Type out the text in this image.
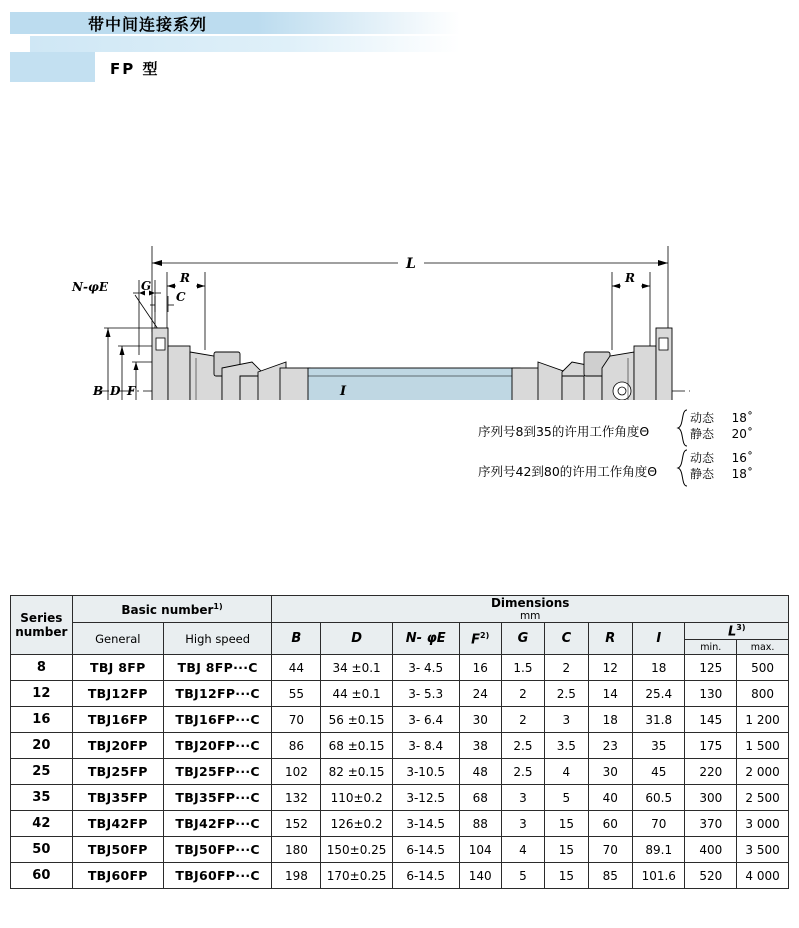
带中间连接系列
FP 型
L
R	R
G
C
N-φE
B D F	I
序列号8到35的许用工作角度Θ
动态 18˚
静态 20˚
序列号42到80的许用工作角度Θ
动态 16˚
静态 18˚
Series
number
	Basic number$^{1)}$	Dimensions
mm

	General	High speed	B	D	N- φE	$F^{2)}$	G	C	R	I	$L^{3)}$
											min.	max.
8	TBJ 8FP	TBJ 8FP···C	44	34 ±0.1	3- 4.5	16	1.5	2	12	18	125	500
12	TBJ12FP	TBJ12FP···C	55	44 ±0.1	3- 5.3	24	2	2.5	14	25.4	130	800
16	TBJ16FP	TBJ16FP···C	70	56 ±0.15	3- 6.4	30	2	3	18	31.8	145	1 200
20	TBJ20FP	TBJ20FP···C	86	68 ±0.15	3- 8.4	38	2.5	3.5	23	35	175	1 500
25	TBJ25FP	TBJ25FP···C	102	82 ±0.15	3-10.5	48	2.5	4	30	45	220	2 000
35	TBJ35FP	TBJ35FP···C	132	110±0.2	3-12.5	68	3	5	40	60.5	300	2 500
42	TBJ42FP	TBJ42FP···C	152	126±0.2	3-14.5	88	3	15	60	70	370	3 000
50	TBJ50FP	TBJ50FP···C	180	150±0.25	6-14.5	104	4	15	70	89.1	400	3 500
60	TBJ60FP	TBJ60FP···C	198	170±0.25	6-14.5	140	5	15	85	101.6	520	4 000
